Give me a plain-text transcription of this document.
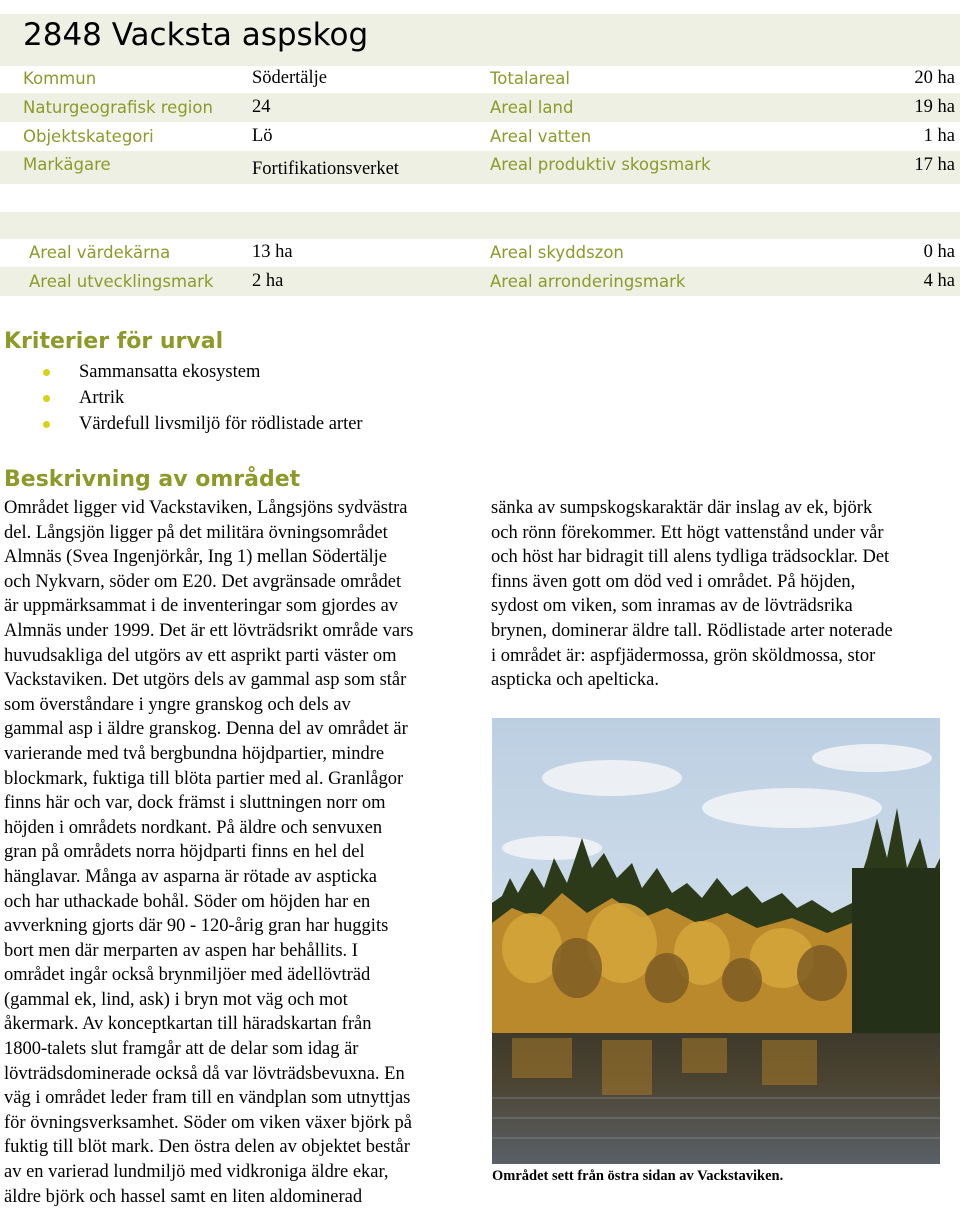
2848 Vacksta aspskog
Kommun	Södertälje	Totalareal	20 ha
Naturgeografisk region 24	Areal land	19 ha
Objektskategori	Lö	Areal vatten	1 ha
Markägare	Fortifikationsverket	Areal produktiv skogsmark	17 ha
Areal värdekärna	13 ha	Areal skyddszon	0 ha
Areal utvecklingsmark 2 ha	Areal arronderingsmark	4 ha
Kriterier för urval
Sammansatta ekosystem
Artrik
Värdefull livsmiljö för rödlistade arter
Beskrivning av området
Området ligger vid Vackstaviken, Långsjöns sydvästra
del. Långsjön ligger på det militära övningsområdet
Almnäs (Svea Ingenjörkår, Ing 1) mellan Södertälje
och Nykvarn, söder om E20. Det avgränsade området
är uppmärksammat i de inventeringar som gjordes av
Almnäs under 1999. Det är ett lövträdsrikt område vars
huvudsakliga del utgörs av ett asprikt parti väster om
Vackstaviken. Det utgörs dels av gammal asp som står
som överståndare i yngre granskog och dels av
gammal asp i äldre granskog. Denna del av området är
varierande med två bergbundna höjdpartier, mindre
blockmark, fuktiga till blöta partier med al. Granlågor
finns här och var, dock främst i sluttningen norr om
höjden i områdets nordkant. På äldre och senvuxen
gran på områdets norra höjdparti finns en hel del
hänglavar. Många av asparna är rötade av aspticka
och har uthackade bohål. Söder om höjden har en
avverkning gjorts där 90 - 120-årig gran har huggits
bort men där merparten av aspen har behållits. I
området ingår också brynmiljöer med ädellövträd
(gammal ek, lind, ask) i bryn mot väg och mot
åkermark. Av konceptkartan till häradskartan från
1800-talets slut framgår att de delar som idag är
lövträdsdominerade också då var lövträdsbevuxna. En
väg i området leder fram till en vändplan som utnyttjas
för övningsverksamhet. Söder om viken växer björk på
fuktig till blöt mark. Den östra delen av objektet består
av en varierad lundmiljö med vidkroniga äldre ekar,
äldre björk och hassel samt en liten aldominerad
sänka av sumpskogskaraktär där inslag av ek, björk
och rönn förekommer. Ett högt vattenstånd under vår
och höst har bidragit till alens tydliga trädsocklar. Det
finns även gott om död ved i området. På höjden,
sydost om viken, som inramas av de lövträdsrika
brynen, dominerar äldre tall. Rödlistade arter noterade
i området är: aspfjädermossa, grön sköldmossa, stor
aspticka och apelticka.
Området sett från östra sidan av Vackstaviken.
